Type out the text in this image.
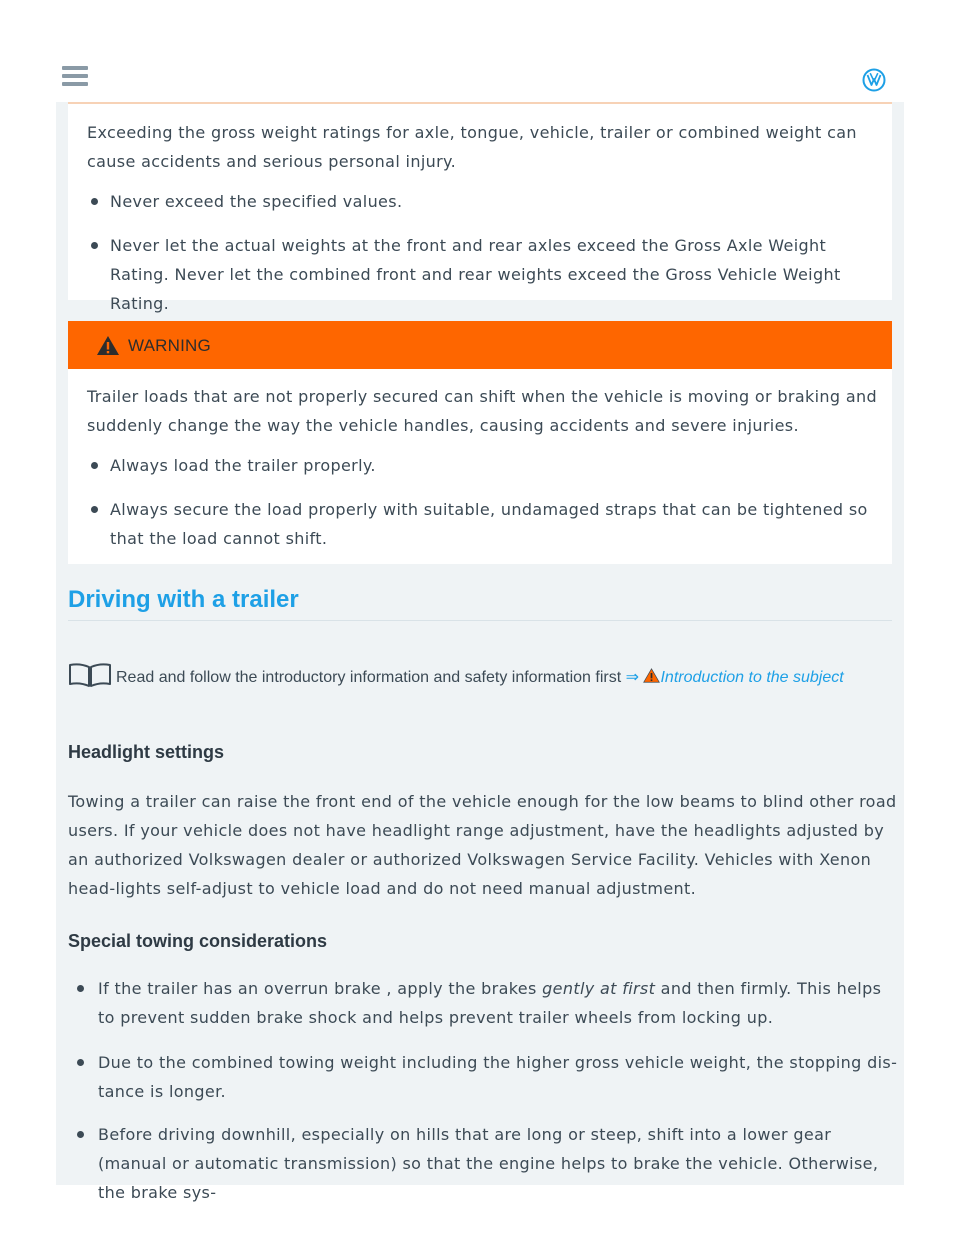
Exceeding the gross weight ratings for axle, tongue, vehicle, trailer or combined weight can cause accidents and serious personal injury.

Never exceed the specified values.
Never let the actual weights at the front and rear axles exceed the Gross Axle Weight Rating. Never let the combined front and rear weights exceed the Gross Vehicle Weight Rating.
WARNING

Trailer loads that are not properly secured can shift when the vehicle is moving or braking and suddenly change the way the vehicle handles, causing accidents and severe injuries.

Always load the trailer properly.
Always secure the load properly with suitable, undamaged straps that can be tightened so that the load cannot shift.
Driving with a trailer
Read and follow the introductory information and safety information first ⇒ Introduction to the subject
Headlight settings

Towing a trailer can raise the front end of the vehicle enough for the low beams to blind other road users. If your vehicle does not have headlight range adjustment, have the headlights adjusted by an authorized Volkswagen dealer or authorized Volkswagen Service Facility. Vehicles with Xenon head-lights self-adjust to vehicle load and do not need manual adjustment.

Special towing considerations
If the trailer has an overrun brake , apply the brakes gently at first and then firmly. This helps to prevent sudden brake shock and helps prevent trailer wheels from locking up.
Due to the combined towing weight including the higher gross vehicle weight, the stopping dis-tance is longer.
Before driving downhill, especially on hills that are long or steep, shift into a lower gear (manual or automatic transmission) so that the engine helps to brake the vehicle. Otherwise, the brake sys-
